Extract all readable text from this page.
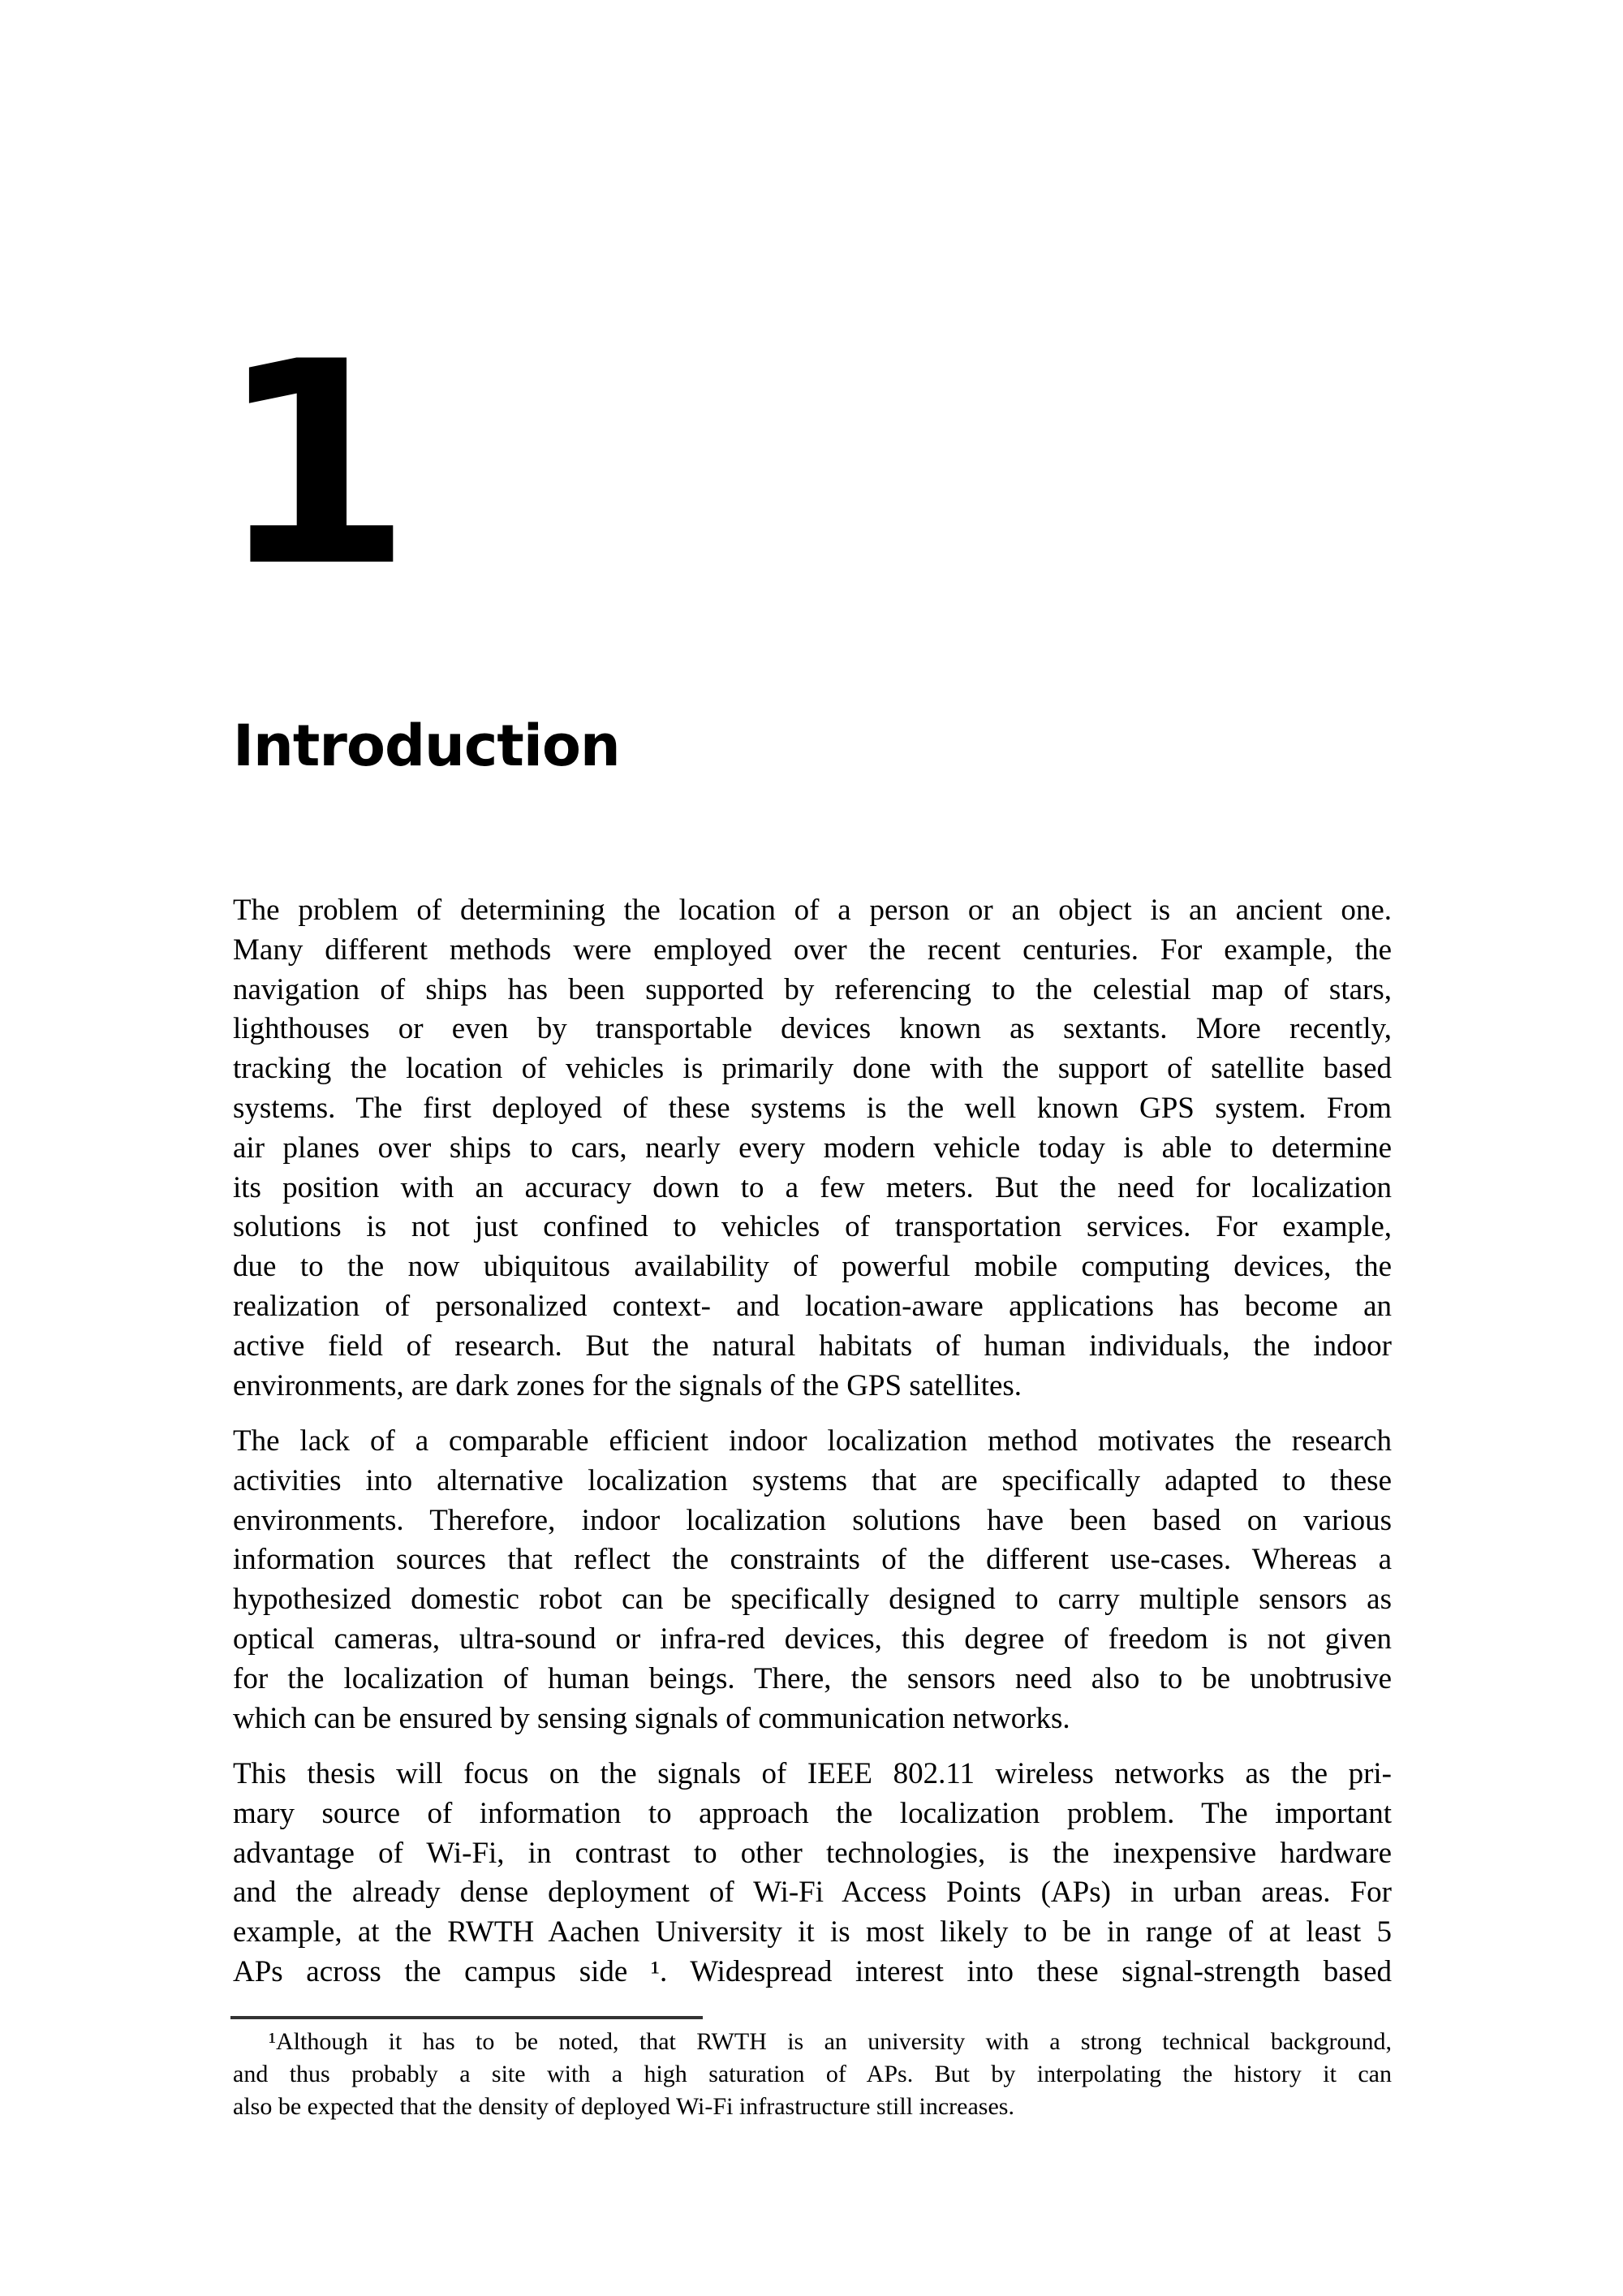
1
Introduction
The problem of determining the location of a person or an object is an ancient one.
Many different methods were employed over the recent centuries. For example, the
navigation of ships has been supported by referencing to the celestial map of stars,
lighthouses or even by transportable devices known as sextants. More recently,
tracking the location of vehicles is primarily done with the support of satellite based
systems. The first deployed of these systems is the well known GPS system. From
air planes over ships to cars, nearly every modern vehicle today is able to determine
its position with an accuracy down to a few meters. But the need for localization
solutions is not just confined to vehicles of transportation services. For example,
due to the now ubiquitous availability of powerful mobile computing devices, the
realization of personalized context- and location-aware applications has become an
active field of research. But the natural habitats of human individuals, the indoor
environments, are dark zones for the signals of the GPS satellites.
The lack of a comparable efficient indoor localization method motivates the research
activities into alternative localization systems that are specifically adapted to these
environments. Therefore, indoor localization solutions have been based on various
information sources that reflect the constraints of the different use-cases. Whereas a
hypothesized domestic robot can be specifically designed to carry multiple sensors as
optical cameras, ultra-sound or infra-red devices, this degree of freedom is not given
for the localization of human beings. There, the sensors need also to be unobtrusive
which can be ensured by sensing signals of communication networks.
This thesis will focus on the signals of IEEE 802.11 wireless networks as the pri-
mary source of information to approach the localization problem. The important
advantage of Wi-Fi, in contrast to other technologies, is the inexpensive hardware
and the already dense deployment of Wi-Fi Access Points (APs) in urban areas. For
example, at the RWTH Aachen University it is most likely to be in range of at least 5
APs across the campus side ¹. Widespread interest into these signal-strength based
¹Although it has to be noted, that RWTH is an university with a strong technical background,
and thus probably a site with a high saturation of APs. But by interpolating the history it can
also be expected that the density of deployed Wi-Fi infrastructure still increases.
